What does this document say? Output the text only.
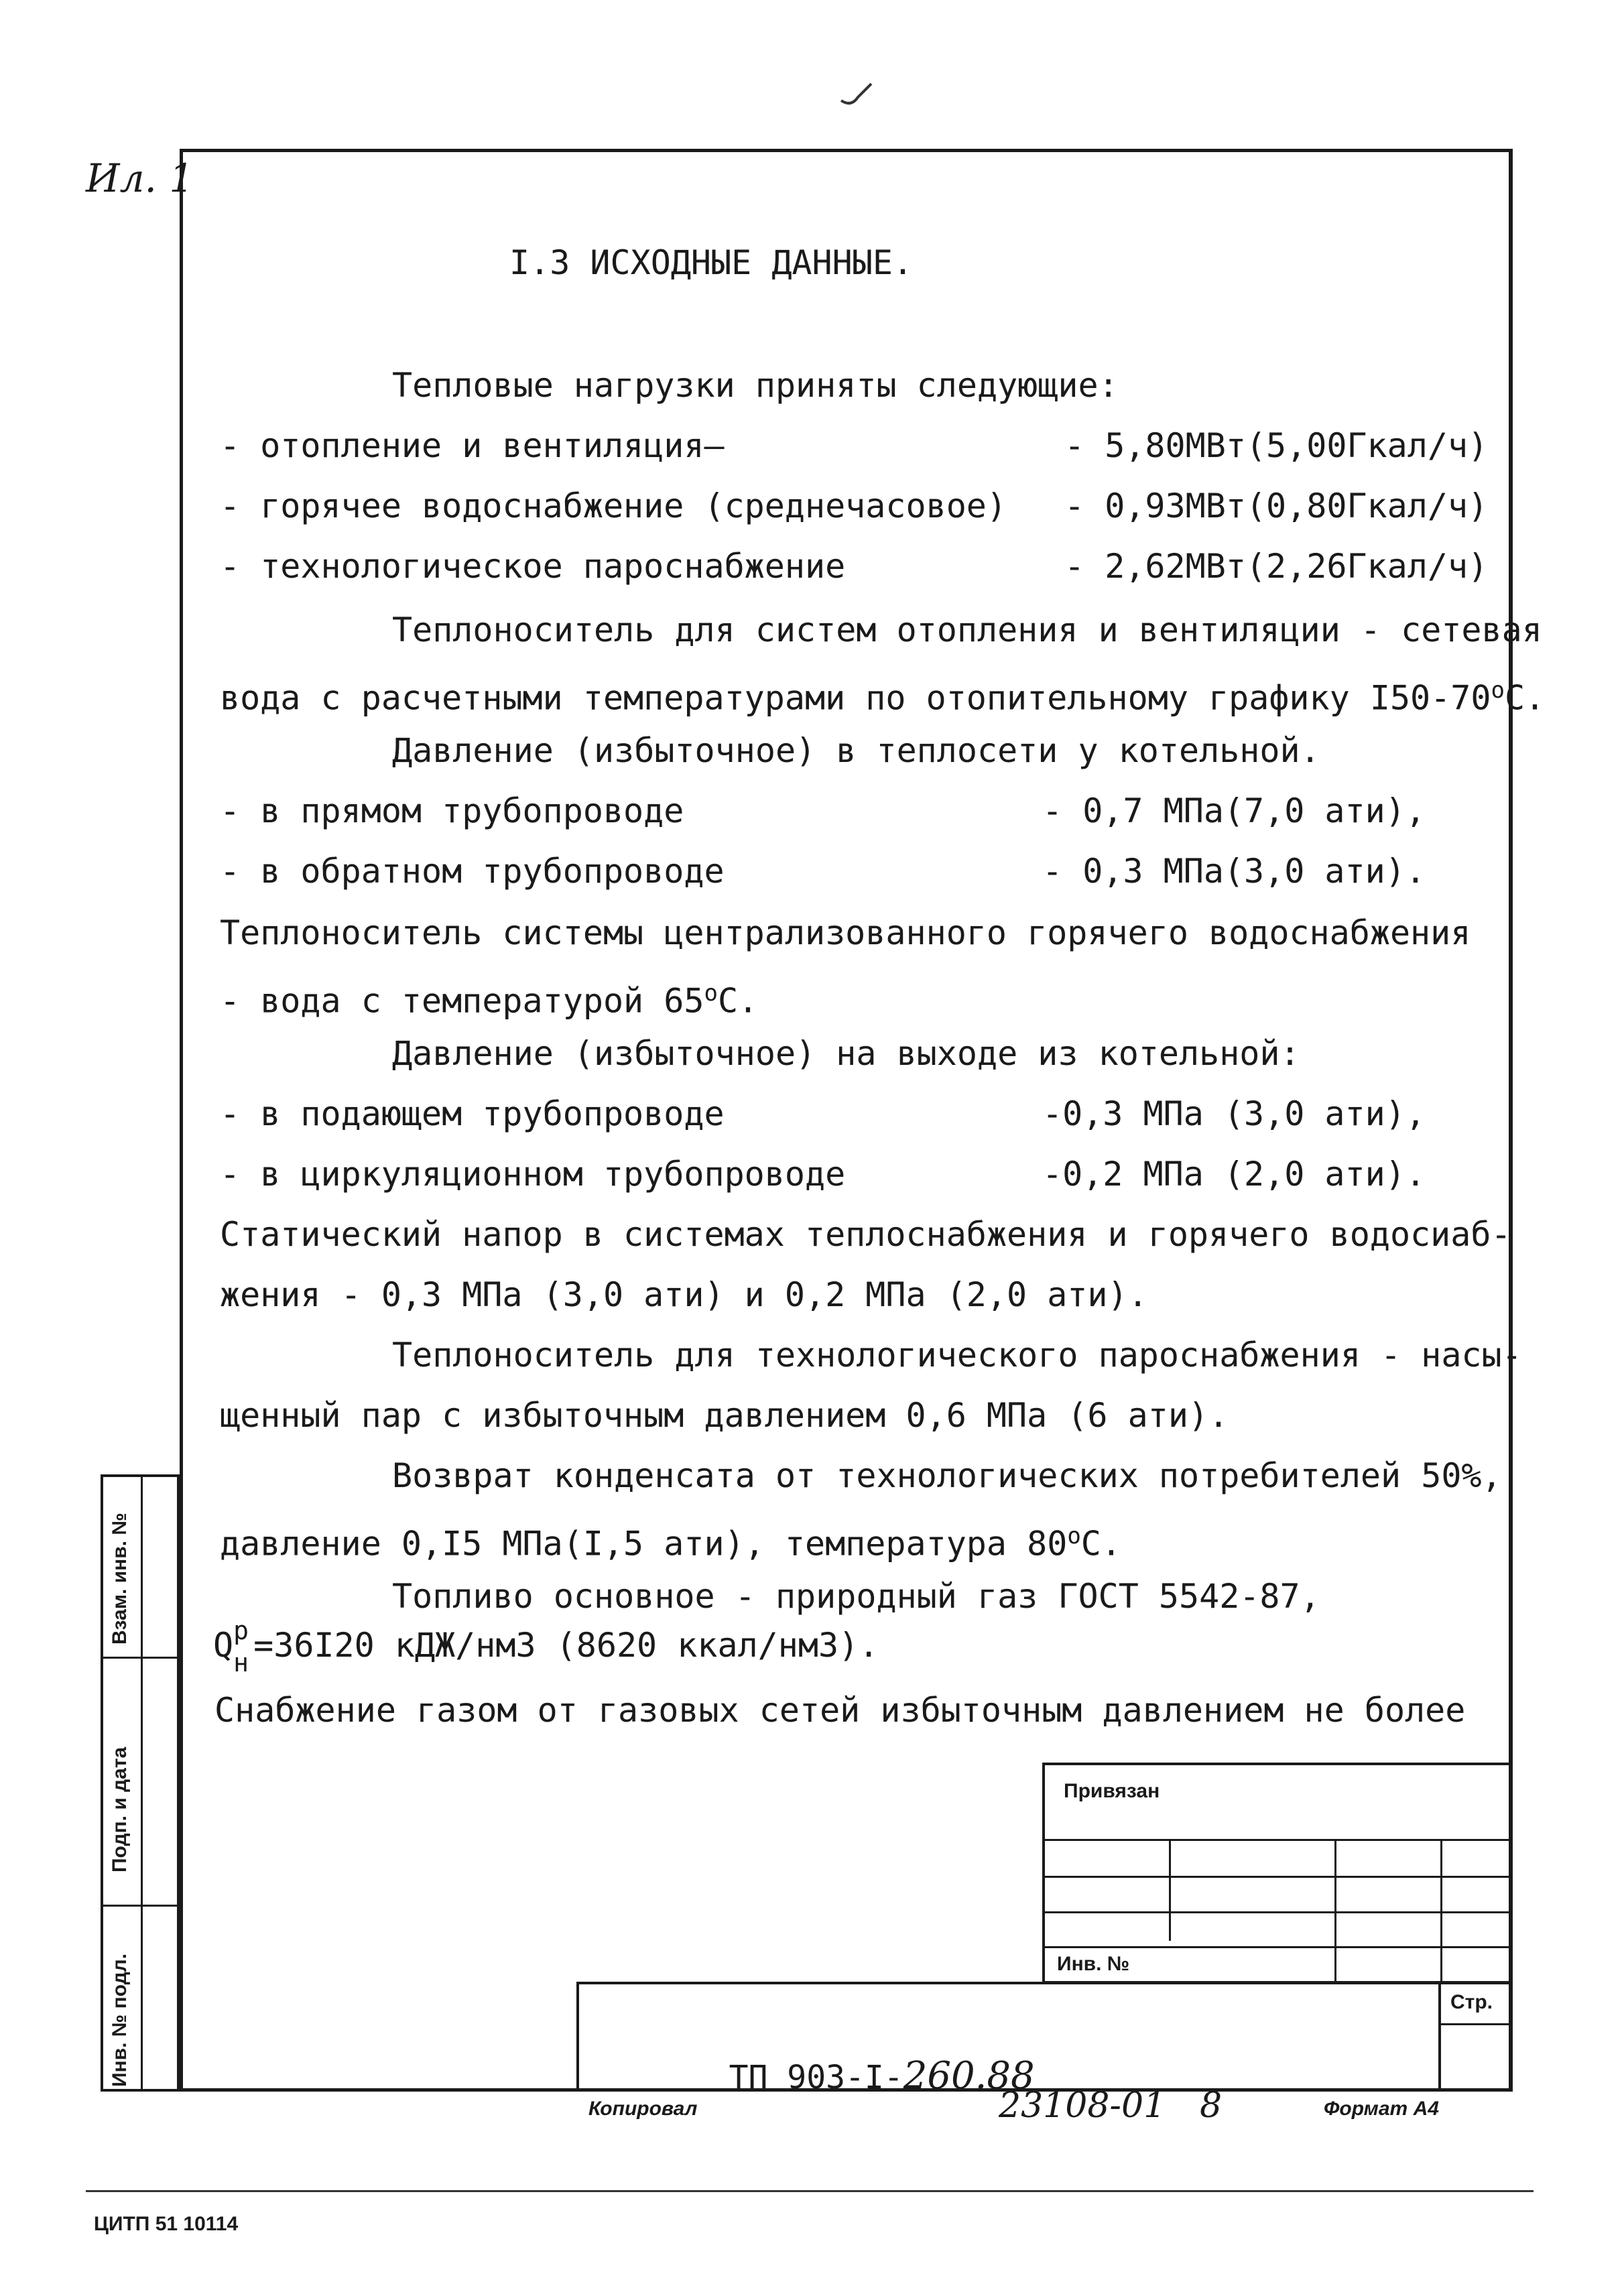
Ил. 1
Взам. инв. №
Подп. и дата
Инв. № подл.
I.3 ИСХОДНЫЕ ДАННЫЕ.
Тепловые нагрузки приняты следующие:
- отопление и вентиляция—	- 5,80МВт(5,00Гкал/ч)
- горячее водоснабжение (среднечасовое) - 0,93МВт(0,80Гкал/ч)
- технологическое пароснабжение	- 2,62МВт(2,26Гкал/ч)
Теплоноситель для систем отопления и вентиляции - сетевая
вода с расчетными температурами по отопительному графику $I50-70^оС$.
Давление (избыточное) в теплосети у котельной.
- в прямом трубопроводе	- 0,7 МПа(7,0 ати),
- в обратном трубопроводе	- 0,3 МПа(3,0 ати).
Теплоноситель системы централизованного горячего водоснабжения
- вода с температурой $65^оС$.
Давление (избыточное) на выходе из котельной:
- в подающем трубопроводе	-0,3 МПа (3,0 ати),
- в циркуляционном трубопроводе	-0,2 МПа (2,0 ати).
Статический напор в системах теплоснабжения и горячего водосиаб-
жения - 0,3 МПа (3,0 ати) и 0,2 МПа (2,0 ати).
Теплоноситель для технологического пароснабжения - насы-
щенный пар с избыточным давлением 0,6 МПа (6 ати).
Возврат конденсата от технологических потребителей 50%,
давление 0,I5 МПа(I,5 ати), температура $80^оС$.
Топливо основное - природный газ ГОСТ 5542-87,
Q р
н =36I20 кДЖ/нм3 (8620 ккал/нм3).
Снабжение газом от газовых сетей избыточным давлением не более
Привязан
Инв. №
Стр.

ТП 903-I-260.88

Копировал	23108-01 8	Формат А4
ЦИТП 51 10114
